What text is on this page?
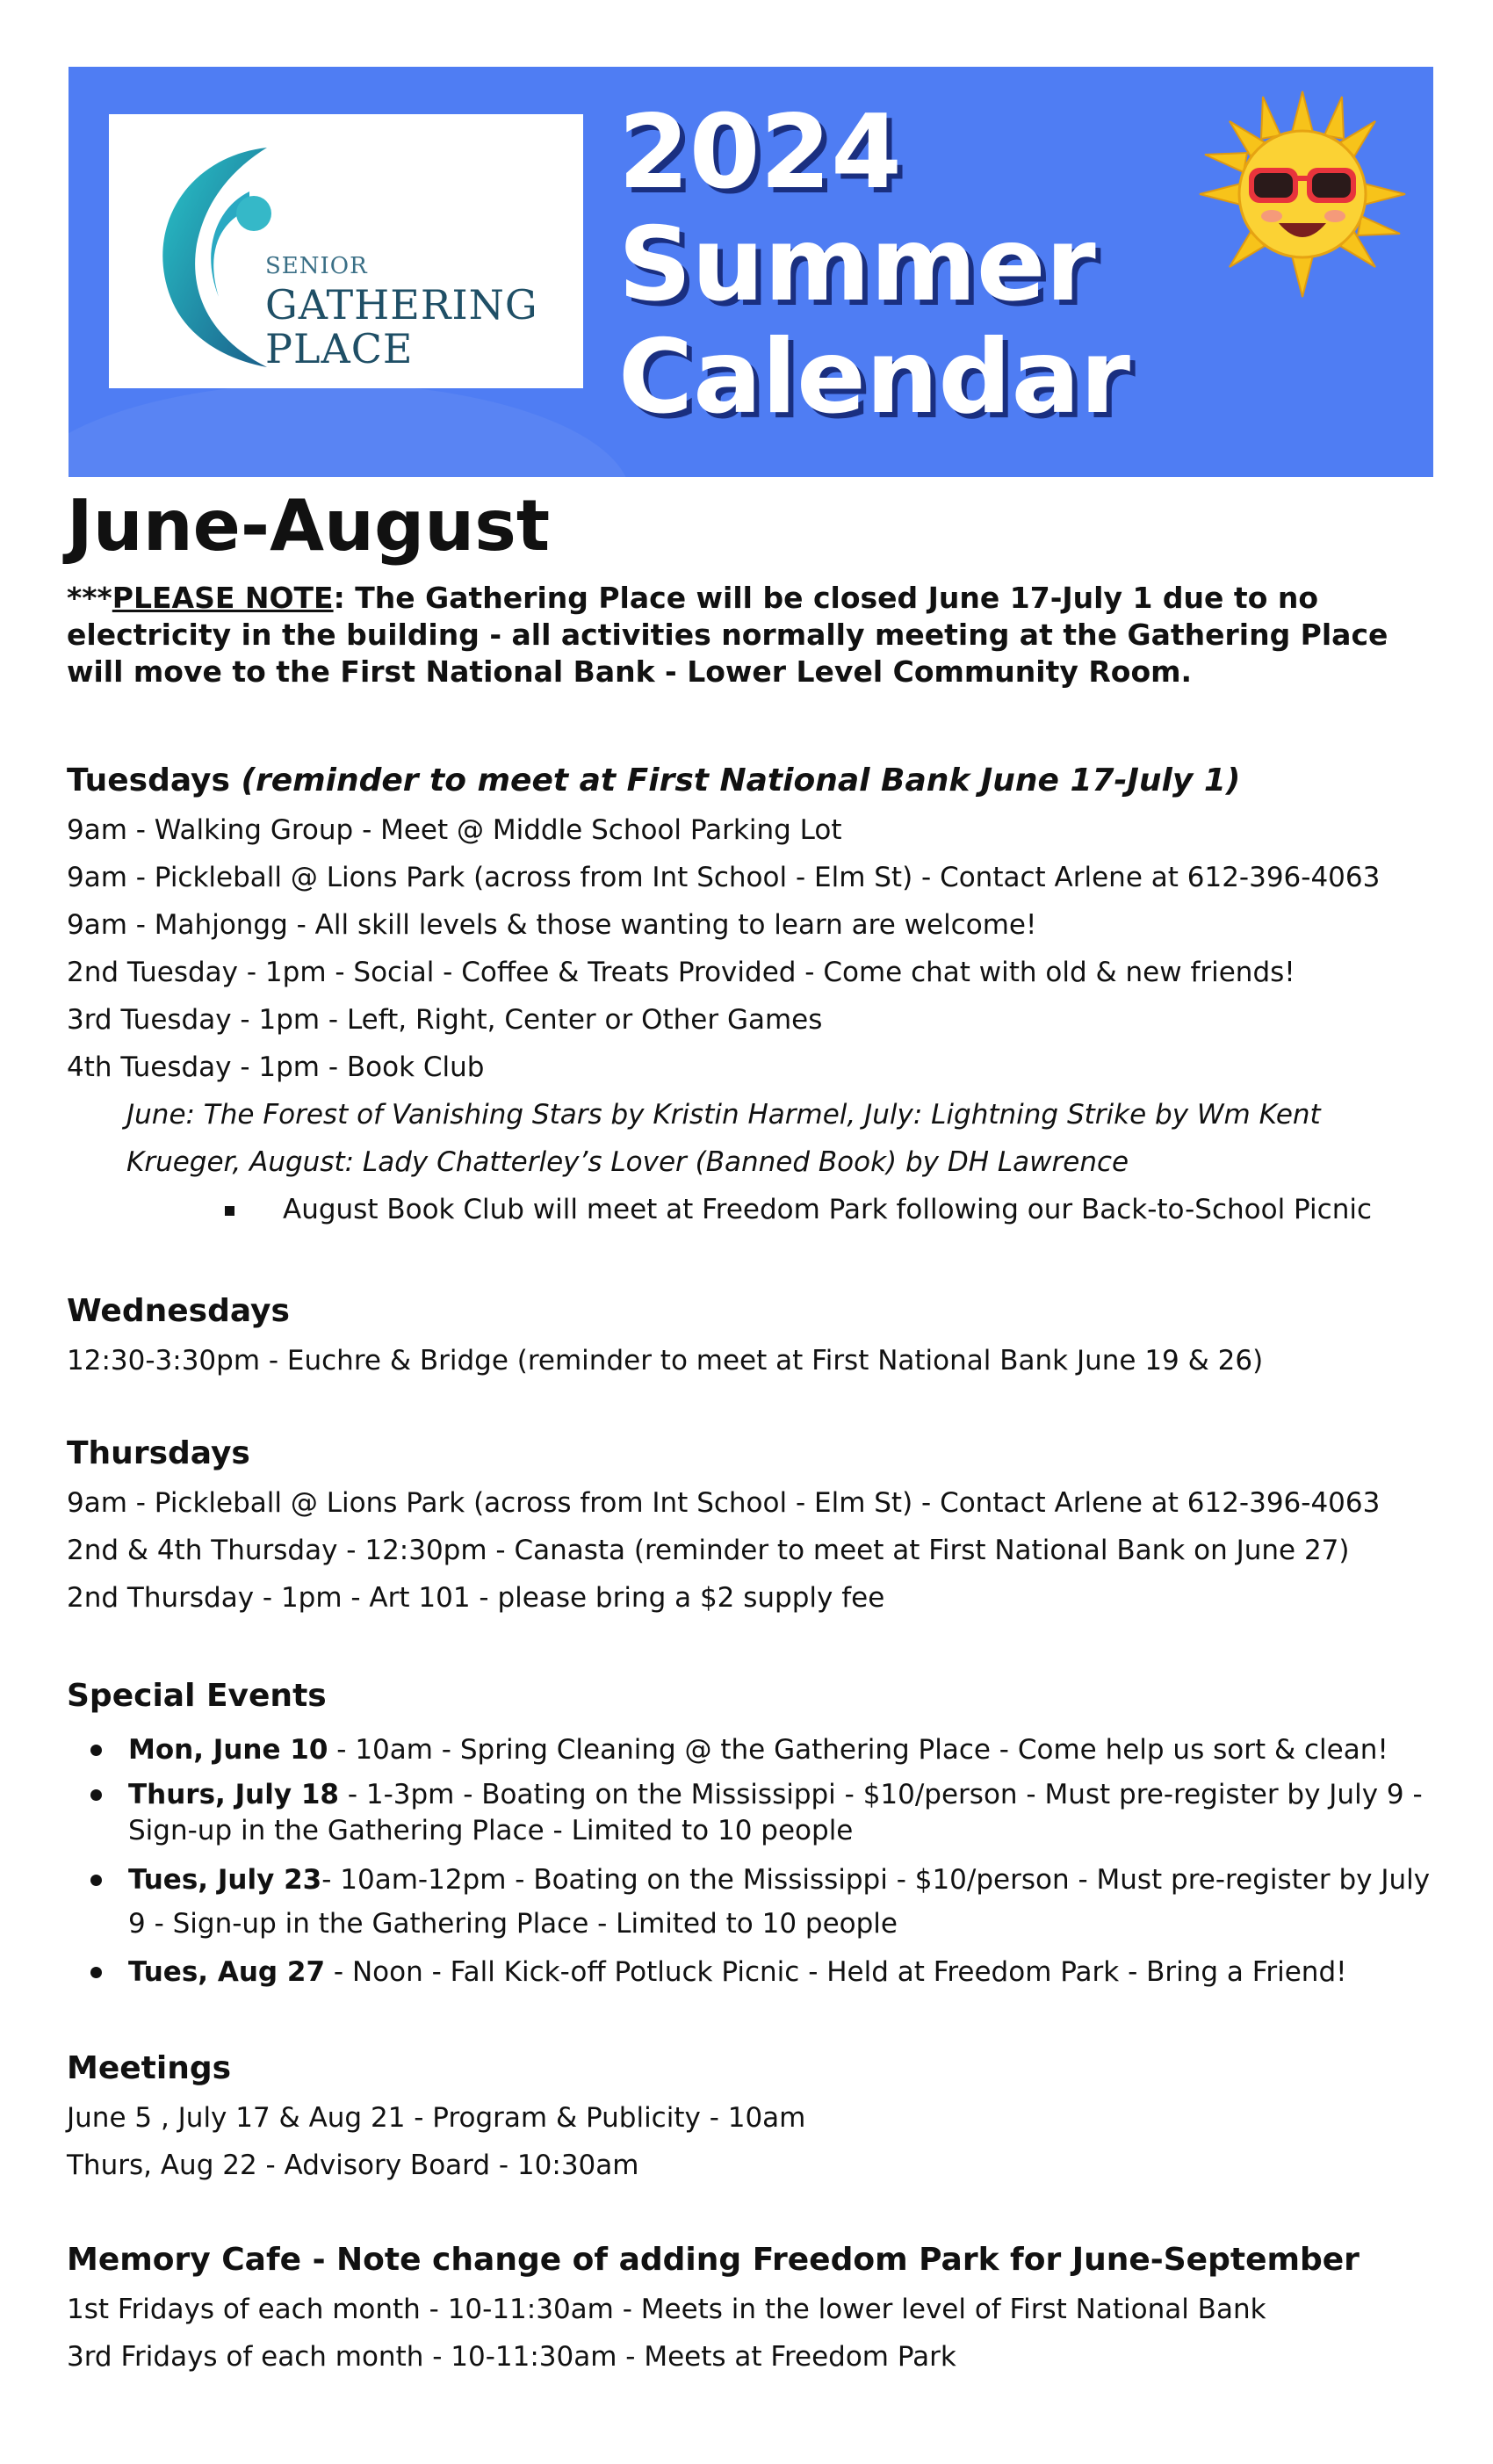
SENIOR
GATHERING
PLACE
2024
Summer
Calendar
June-August

***PLEASE NOTE: The Gathering Place will be closed June 17-July 1 due to no electricity in the building - all activities normally meeting at the Gathering Place will move to the First National Bank - Lower Level Community Room.

Tuesdays (reminder to meet at First National Bank June 17-July 1)

9am - Walking Group - Meet @ Middle School Parking Lot

9am - Pickleball @ Lions Park (across from Int School - Elm St) - Contact Arlene at 612-396-4063

9am - Mahjongg - All skill levels & those wanting to learn are welcome!

2nd Tuesday - 1pm - Social - Coffee & Treats Provided - Come chat with old & new friends!

3rd Tuesday - 1pm - Left, Right, Center or Other Games

4th Tuesday - 1pm - Book Club

June: The Forest of Vanishing Stars by Kristin Harmel, July: Lightning Strike by Wm Kent

Krueger, August: Lady Chatterley’s Lover (Banned Book) by DH Lawrence

August Book Club will meet at Freedom Park following our Back-to-School Picnic

Wednesdays

12:30-3:30pm - Euchre & Bridge (reminder to meet at First National Bank June 19 & 26)

Thursdays

9am - Pickleball @ Lions Park (across from Int School - Elm St) - Contact Arlene at 612-396-4063

2nd & 4th Thursday - 12:30pm - Canasta (reminder to meet at First National Bank on June 27)

2nd Thursday - 1pm - Art 101 - please bring a $2 supply fee

Special Events
Mon, June 10 - 10am - Spring Cleaning @ the Gathering Place - Come help us sort & clean!
Thurs, July 18 - 1-3pm - Boating on the Mississippi - $10/person - Must pre-register by July 9 - Sign-up in the Gathering Place - Limited to 10 people
Tues, July 23- 10am-12pm - Boating on the Mississippi - $10/person - Must pre-register by July 9 - Sign-up in the Gathering Place - Limited to 10 people
Tues, Aug 27 - Noon - Fall Kick-off Potluck Picnic - Held at Freedom Park - Bring a Friend!
Meetings

June 5 , July 17 & Aug 21 - Program & Publicity - 10am

Thurs, Aug 22 - Advisory Board - 10:30am

Memory Cafe - Note change of adding Freedom Park for June-September

1st Fridays of each month - 10-11:30am - Meets in the lower level of First National Bank

3rd Fridays of each month - 10-11:30am - Meets at Freedom Park
